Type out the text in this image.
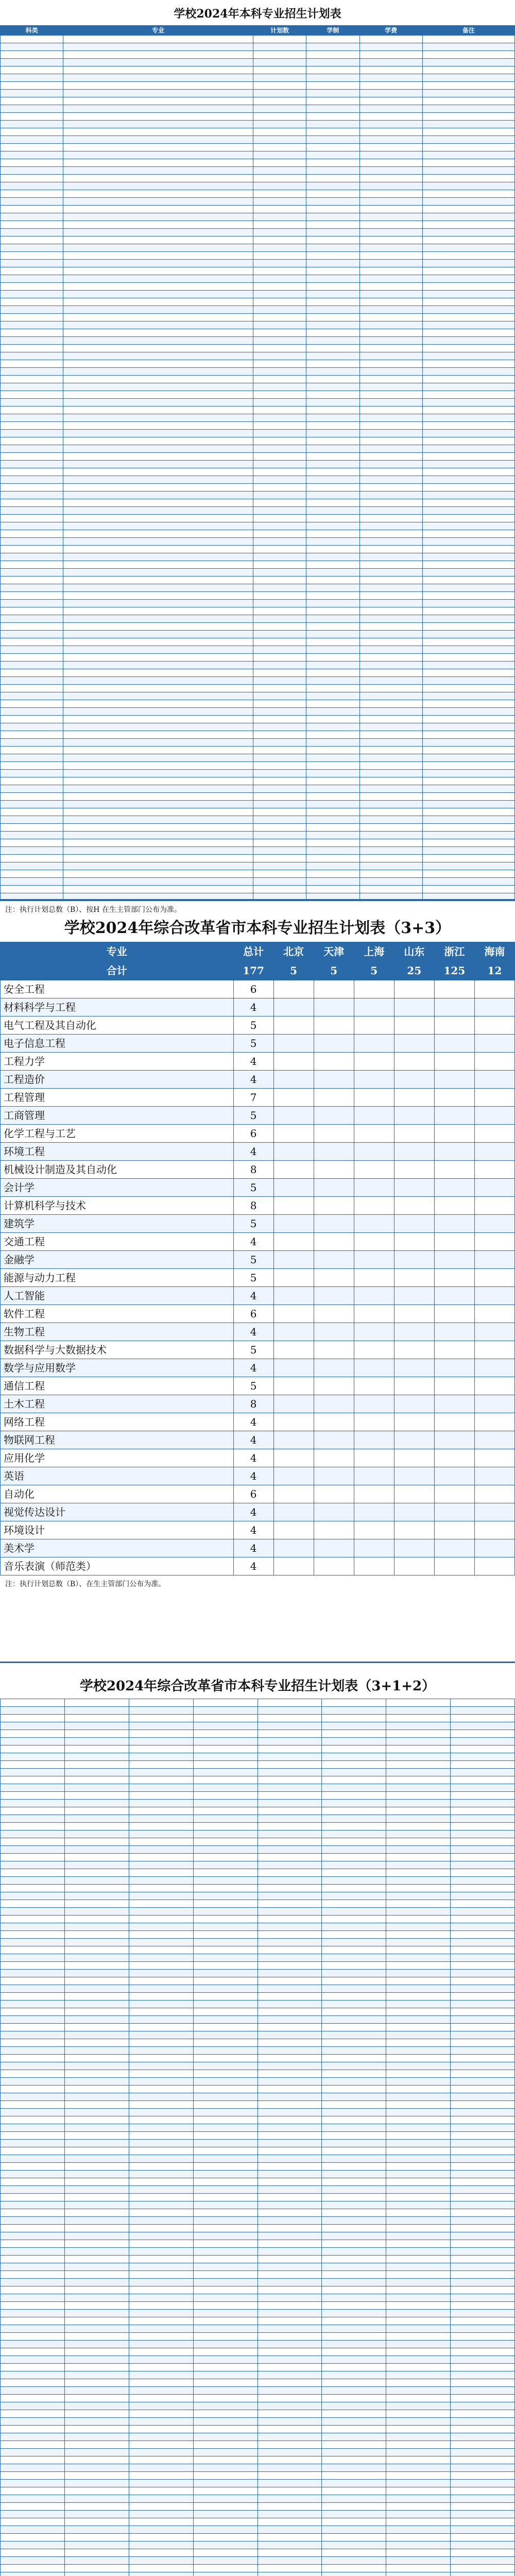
学校2024年本科专业招生计划表
科类	专业	计划数	学制	学费	备注

注：执行计划总数（B）、按H 在生主管部门公布为准。
学校2024年综合改革省市本科专业招生计划表（3+3）
专业	总计	北京	天津	上海	山东	浙江	海南
合计	177	5	5	5	25	125	12
安全工程	6						
材料科学与工程	4						
电气工程及其自动化	5						
电子信息工程	5						
工程力学	4						
工程造价	4						
工程管理	7						
工商管理	5						
化学工程与工艺	6						
环境工程	4						
机械设计制造及其自动化	8						
会计学	5						
计算机科学与技术	8						
建筑学	5						
交通工程	4						
金融学	5						
能源与动力工程	5						
人工智能	4						
软件工程	6						
生物工程	4						
数据科学与大数据技术	5						
数学与应用数学	4						
通信工程	5						
土木工程	8						
网络工程	4						
物联网工程	4						
应用化学	4						
英语	4						
自动化	6						
视觉传达设计	4						
环境设计	4						
美术学	4						
音乐表演（师范类）	4						
注：执行计划总数（B）、在生主管部门公布为准。
学校2024年综合改革省市本科专业招生计划表（3+1+2）
